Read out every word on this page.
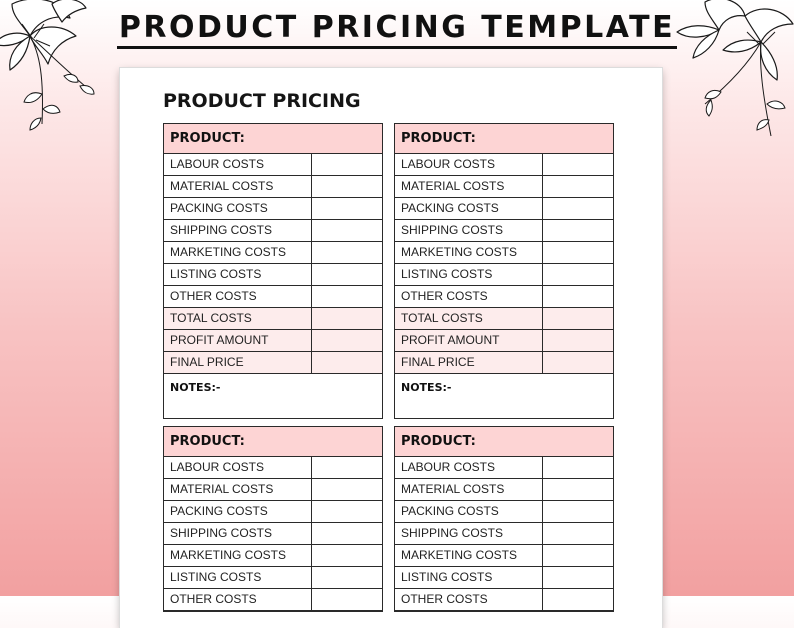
PRODUCT PRICING TEMPLATE
PRODUCT PRICING
PRODUCT:
LABOUR COSTS
MATERIAL COSTS
PACKING COSTS
SHIPPING COSTS
MARKETING COSTS
LISTING COSTS
OTHER COSTS
TOTAL COSTS
PROFIT AMOUNT
FINAL PRICE
NOTES:-
PRODUCT:
LABOUR COSTS
MATERIAL COSTS
PACKING COSTS
SHIPPING COSTS
MARKETING COSTS
LISTING COSTS
OTHER COSTS
TOTAL COSTS
PROFIT AMOUNT
FINAL PRICE
NOTES:-
PRODUCT:
LABOUR COSTS
MATERIAL COSTS
PACKING COSTS
SHIPPING COSTS
MARKETING COSTS
LISTING COSTS
OTHER COSTS
PRODUCT:
LABOUR COSTS
MATERIAL COSTS
PACKING COSTS
SHIPPING COSTS
MARKETING COSTS
LISTING COSTS
OTHER COSTS
